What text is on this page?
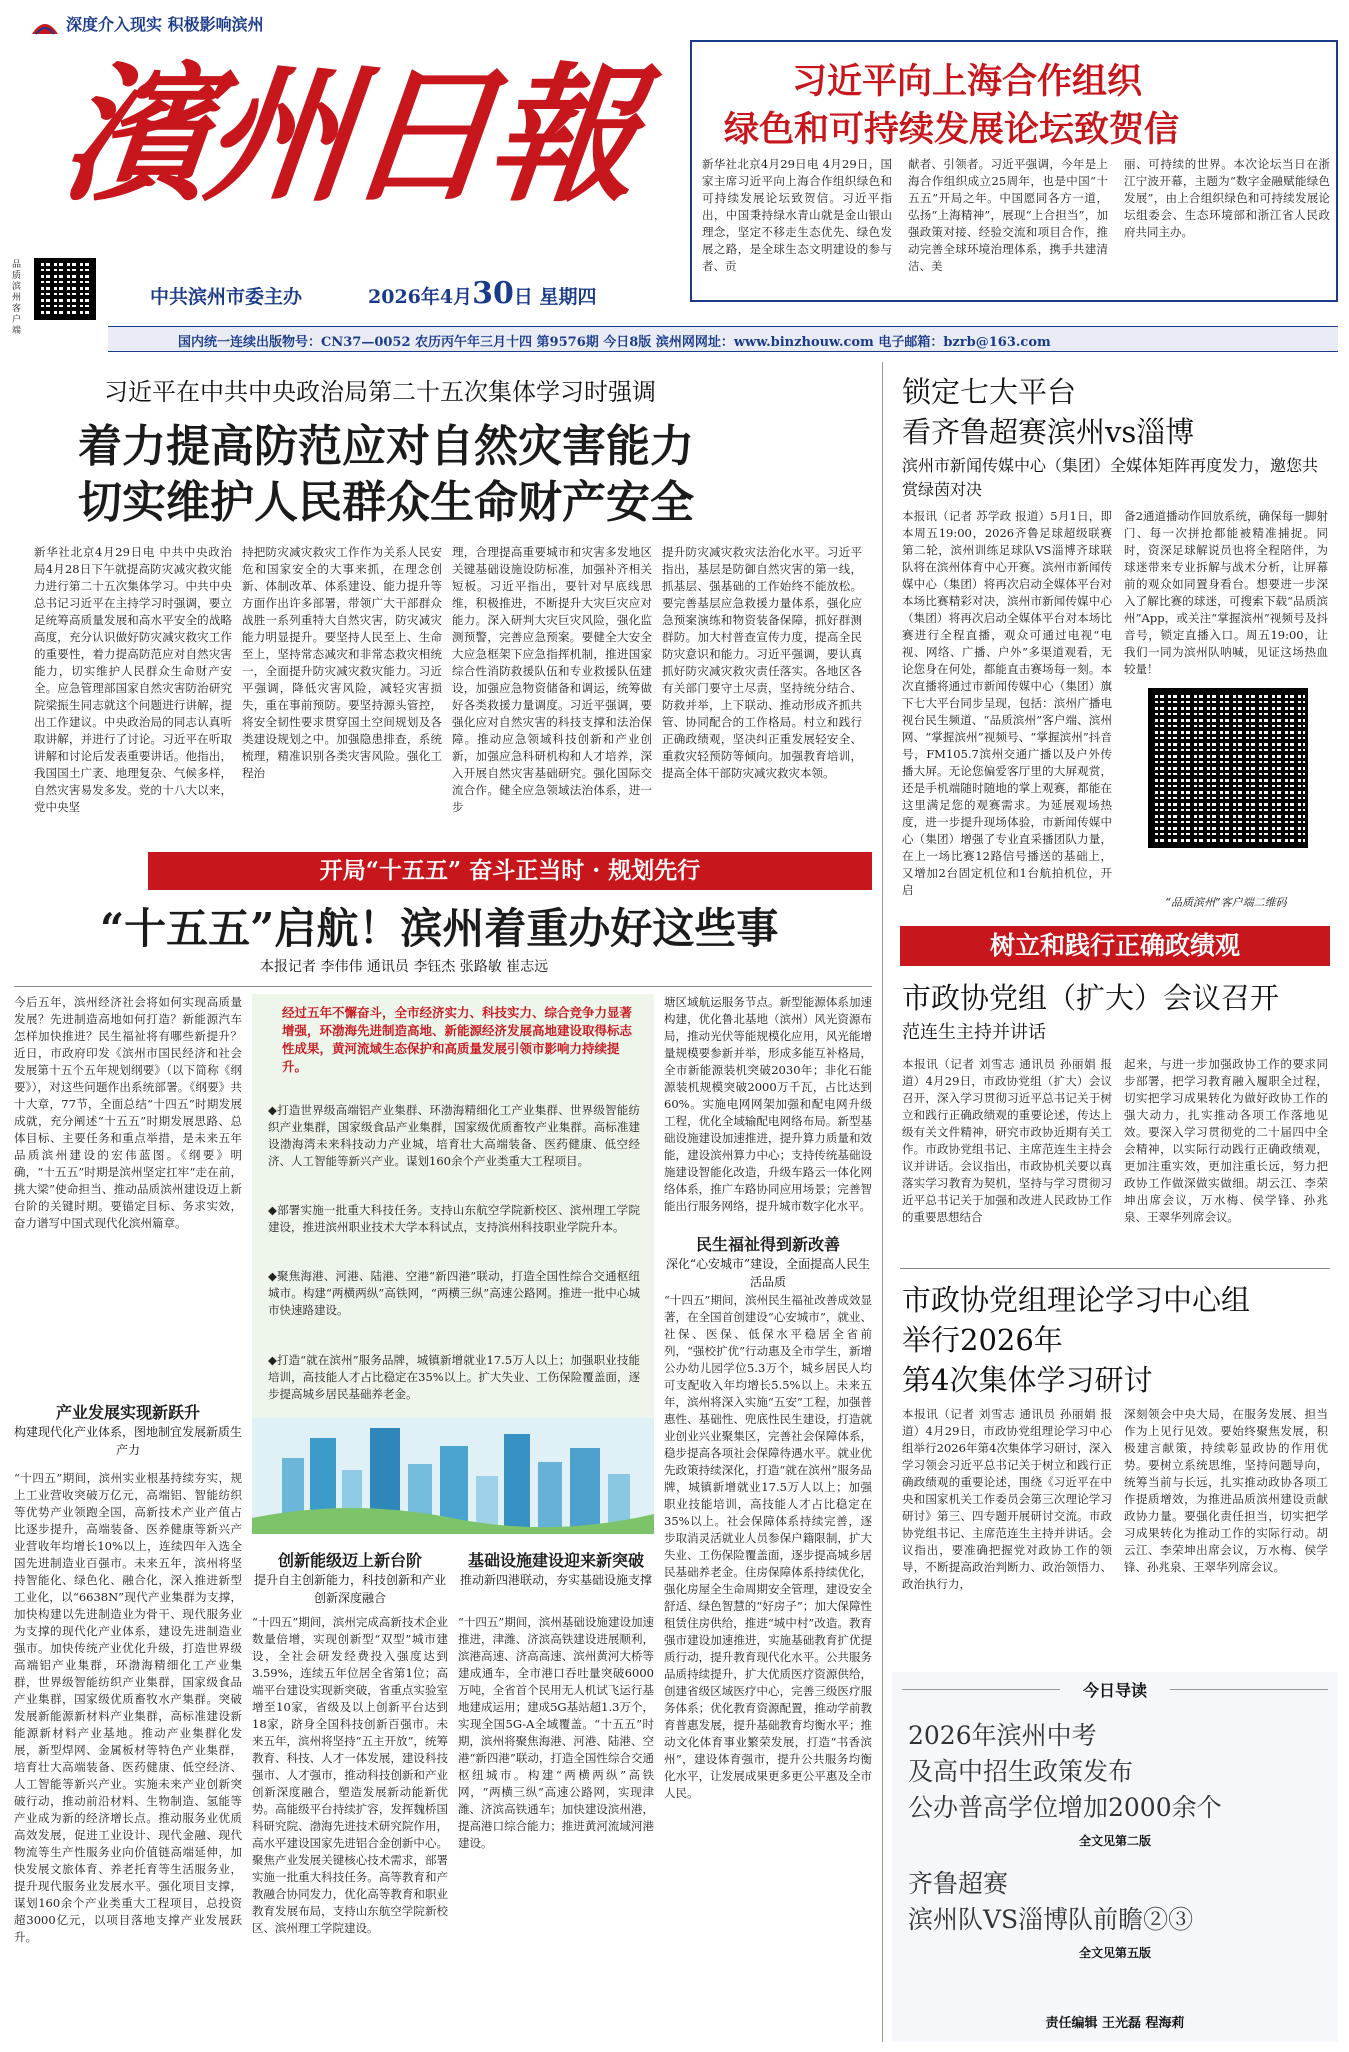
深度介入现实 积极影响滨州
濱州日報
品质滨州客户端
中共滨州市委主办	2026年4月30日 星期四
习近平向上海合作组织
绿色和可持续发展论坛致贺信
新华社北京4月29日电 4月29日，国家主席习近平向上海合作组织绿色和可持续发展论坛致贺信。习近平指出，中国秉持绿水青山就是金山银山理念，坚定不移走生态优先、绿色发展之路，是全球生态文明建设的参与者、贡
献者、引领者。习近平强调，今年是上海合作组织成立25周年，也是中国“十五五”开局之年。中国愿同各方一道，弘扬“上海精神”，展现“上合担当”，加强政策对接、经验交流和项目合作，推动完善全球环境治理体系，携手共建清洁、美
丽、可持续的世界。本次论坛当日在浙江宁波开幕，主题为“数字金融赋能绿色发展”，由上合组织绿色和可持续发展论坛组委会、生态环境部和浙江省人民政府共同主办。
国内统一连续出版物号：CN37—0052 农历丙午年三月十四 第9576期 今日8版 滨州网网址：www.binzhouw.com 电子邮箱：bzrb@163.com
习近平在中共中央政治局第二十五次集体学习时强调
着力提高防范应对自然灾害能力
切实维护人民群众生命财产安全
新华社北京4月29日电 中共中央政治局4月28日下午就提高防灾减灾救灾能力进行第二十五次集体学习。中共中央总书记习近平在主持学习时强调，要立足统筹高质量发展和高水平安全的战略高度，充分认识做好防灾减灾救灾工作的重要性，着力提高防范应对自然灾害能力，切实维护人民群众生命财产安全。应急管理部国家自然灾害防治研究院梁振生同志就这个问题进行讲解，提出工作建议。中央政治局的同志认真听取讲解，并进行了讨论。习近平在听取讲解和讨论后发表重要讲话。他指出，我国国土广袤、地理复杂、气候多样，自然灾害易发多发。党的十八大以来，党中央坚
持把防灾减灾救灾工作作为关系人民安危和国家安全的大事来抓，在理念创新、体制改革、体系建设、能力提升等方面作出许多部署，带领广大干部群众战胜一系列重特大自然灾害，防灾减灾能力明显提升。要坚持人民至上、生命至上，坚持常态减灾和非常态救灾相统一，全面提升防灾减灾救灾能力。习近平强调，降低灾害风险，减轻灾害损失，重在事前预防。要坚持源头管控，将安全韧性要求贯穿国土空间规划及各类建设规划之中。加强隐患排查，系统梳理，精准识别各类灾害风险。强化工程治
理，合理提高重要城市和灾害多发地区关键基础设施设防标准，加强补齐相关短板。习近平指出，要针对早底线思维，积极推进，不断提升大灾巨灾应对能力。深入研判大灾巨灾风险，强化监测预警，完善应急预案。要健全大安全大应急框架下应急指挥机制，推进国家综合性消防救援队伍和专业救援队伍建设，加强应急物资储备和调运，统筹做好各类救援力量调度。习近平强调，要强化应对自然灾害的科技支撑和法治保障。推动应急领域科技创新和产业创新，加强应急科研机构和人才培养，深入开展自然灾害基础研究。强化国际交流合作。健全应急领域法治体系，进一步
提升防灾减灾救灾法治化水平。习近平指出，基层是防御自然灾害的第一线，抓基层、强基础的工作始终不能放松。要完善基层应急救援力量体系，强化应急预案演练和物资装备保障，抓好群测群防。加大村普查宣传力度，提高全民防灾意识和能力。习近平强调，要认真抓好防灾减灾救灾责任落实。各地区各有关部门要守土尽责，坚持统分结合、防救并举，上下联动、推动形成齐抓共管、协同配合的工作格局。村立和践行正确政绩观，坚决纠正重发展轻安全、重救灾轻预防等倾向。加强教育培训，提高全体干部防灾减灾救灾本领。
开局“十五五” 奋斗正当时 · 规划先行
“十五五”启航！滨州着重办好这些事
本报记者 李伟伟 通讯员 李钰杰 张路敏 崔志远
今后五年，滨州经济社会将如何实现高质量发展？先进制造高地如何打造？新能源汽车怎样加快推进？民生福祉将有哪些新提升？近日，市政府印发《滨州市国民经济和社会发展第十五个五年规划纲要》（以下简称《纲要》），对这些问题作出系统部署。《纲要》共十大章，77节，全面总结“十四五”时期发展成就，充分阐述“十五五”时期发展思路、总体目标、主要任务和重点举措，是未来五年品质滨州建设的宏伟蓝图。《纲要》明确，“十五五”时期是滨州坚定扛牢“走在前，挑大梁”使命担当、推动品质滨州建设迈上新台阶的关键时期。要锚定目标、务求实效，奋力谱写中国式现代化滨州篇章。
经过五年不懈奋斗，全市经济实力、科技实力、综合竞争力显著增强，环渤海先进制造高地、新能源经济发展高地建设取得标志性成果，黄河流域生态保护和高质量发展引领市影响力持续提升。
◆打造世界级高端铝产业集群、环渤海精细化工产业集群、世界级智能纺织产业集群，国家级食品产业集群，国家级优质畜牧产业集群。高标准建设渤海湾未来科技动力产业城，培育壮大高端装备、医药健康、低空经济、人工智能等新兴产业。谋划160余个产业类重大工程项目。
◆部署实施一批重大科技任务。支持山东航空学院新校区、滨州理工学院建设，推进滨州职业技术大学本科试点，支持滨州科技职业学院升本。
◆聚焦海港、河港、陆港、空港“新四港”联动，打造全国性综合交通枢纽城市。构建“两横两纵”高铁网，“两横三纵”高速公路网。推进一批中心城市快速路建设。
◆打造“就在滨州”服务品牌，城镇新增就业17.5万人以上；加强职业技能培训，高技能人才占比稳定在35%以上。扩大失业、工伤保险覆盖面，逐步提高城乡居民基础养老金。
塘区域航运服务节点。新型能源体系加速构建，优化鲁北基地（滨州）风光资源布局，推动光伏等能规模化应用，风光能增量规模要参新并举，形成多能互补格局，全市新能源装机突破2030年；非化石能源装机规模突破2000万千瓦，占比达到60%。实施电网网架加强和配电网升级工程，优化全域输配电网络布局。新型基础设施建设加速推进，提升算力质量和效能，建设滨州算力中心；支持传统基础设施建设智能化改造，升级车路云一体化网络体系，推广车路协同应用场景；完善智能出行服务网络，提升城市数字化水平。
民生福祉得到新改善
深化“心安城市”建设，全面提高人民生活品质
“十四五”期间，滨州民生福祉改善成效显著，在全国首创建设“心安城市”，就业、社保、医保、低保水平稳居全省前列，“强校扩优”行动惠及全市学生，新增公办幼儿园学位5.3万个，城乡居民人均可支配收入年均增长5.5%以上。未来五年，滨州将深入实施“五安”工程，加强普惠性、基础性、兜底性民生建设，打造就业创业兴业聚集区，完善社会保障体系，稳步提高各项社会保障待遇水平。就业优先政策持续深化，打造“就在滨州”服务品牌，城镇新增就业17.5万人以上；加强职业技能培训，高技能人才占比稳定在35%以上。社会保障体系持续完善，逐步取消灵活就业人员参保户籍限制，扩大失业、工伤保险覆盖面，逐步提高城乡居民基础养老金。住房保障体系持续优化，强化房屋全生命周期安全管理，建设安全舒适、绿色智慧的“好房子”；加大保障性租赁住房供给，推进“城中村”改造。教育强市建设加速推进，实施基础教育扩优提质行动，提升教育现代化水平。公共服务品质持续提升，扩大优质医疗资源供给，创建省级区域医疗中心，完善三级医疗服务体系；优化教育资源配置，推动学前教育普惠发展，提升基础教育均衡水平；推动文化体育事业繁荣发展，打造“书香滨州”，建设体育强市，提升公共服务均衡化水平，让发展成果更多更公平惠及全市人民。
产业发展实现新跃升
构建现代化产业体系，图地制宜发展新质生产力
“十四五”期间，滨州实业根基持续夯实，规上工业营收突破万亿元，高端铝、智能纺织等优势产业领跑全国，高新技术产业产值占比逐步提升，高端装备、医养健康等新兴产业营收年均增长10%以上，连续四年入选全国先进制造业百强市。未来五年，滨州将坚持智能化、绿色化、融合化，深入推进新型工业化，以“6638N”现代产业集群为支撑，加快构建以先进制造业为骨干、现代服务业为支撑的现代化产业体系，建设先进制造业强市。加快传统产业优化升级，打造世界级高端铝产业集群，环渤海精细化工产业集群，世界级智能纺织产业集群，国家级食品产业集群，国家级优质畜牧水产集群。突破发展新能源新材料产业集群，高标准建设新能源新材料产业基地。推动产业集群化发展，新型焊网、金属板材等特色产业集群，培育壮大高端装备、医药健康、低空经济、人工智能等新兴产业。实施未来产业创新突破行动，推动前沿材料、生物制造、氢能等产业成为新的经济增长点。推动服务业优质高效发展，促进工业设计、现代金融、现代物流等生产性服务业向价值链高端延伸，加快发展文旅体育、养老托育等生活服务业，提升现代服务业发展水平。强化项目支撑，谋划160余个产业类重大工程项目，总投资超3000亿元，以项目落地支撑产业发展跃升。
创新能级迈上新台阶
提升自主创新能力，科技创新和产业创新深度融合
“十四五”期间，滨州完成高新技术企业数量倍增，实现创新型“双型”城市建设，全社会研发经费投入强度达到3.59%，连续五年位居全省第1位；高端平台建设实现新突破，省重点实验室增至10家，省级及以上创新平台达到18家，跻身全国科技创新百强市。未来五年，滨州将坚持“五主开放”，统筹教育、科技、人才一体发展，建设科技强市、人才强市，推动科技创新和产业创新深度融合，塑造发展新动能新优势。高能级平台持续扩容，发挥魏桥国科研究院、渤海先进技术研究院作用，高水平建设国家先进铝合金创新中心。聚焦产业发展关键核心技术需求，部署实施一批重大科技任务。高等教育和产教融合协同发力，优化高等教育和职业教育发展布局，支持山东航空学院新校区、滨州理工学院建设。
基础设施建设迎来新突破
推动新四港联动，夯实基础设施支撑
“十四五”期间，滨州基础设施建设加速推进，津潍、济滨高铁建设进展顺利，滨港高速、济高高速、滨州黄河大桥等建成通车，全市港口吞吐量突破6000万吨，全省首个民用无人机试飞运行基地建成运用；建成5G基站超1.3万个，实现全国5G-A全域覆盖。“十五五”时期，滨州将聚焦海港、河港、陆港、空港“新四港”联动，打造全国性综合交通枢纽城市。构建“两横两纵”高铁网，“两横三纵”高速公路网，实现津潍、济滨高铁通车；加快建设滨州港，提高港口综合能力；推进黄河流域河港建设。
锁定七大平台
看齐鲁超赛滨州vs淄博
滨州市新闻传媒中心（集团）全媒体矩阵再度发力，邀您共赏绿茵对决
本报讯（记者 苏学政 报道）5月1日，即本周五19:00，2026齐鲁足球超级联赛第二轮，滨州训练足球队VS淄博齐球联队将在滨州体育中心开赛。滨州市新闻传媒中心（集团）将再次启动全媒体平台对本场比赛精彩对决，滨州市新闻传媒中心（集团）将再次启动全媒体平台对本场比赛进行全程直播，观众可通过电视“电视、网络、广播、户外”多渠道观看，无论您身在何处，都能直击赛场每一刻。本次直播将通过市新闻传媒中心（集团）旗下七大平台同步呈现，包括：滨州广播电视台民生频道、“品质滨州”客户端、滨州网、“掌握滨州”视频号、“掌握滨州”抖音号，FM105.7滨州交通广播以及户外传播大屏。无论您偏爱客厅里的大屏观赏，还是手机端随时随地的掌上观赛，都能在这里满足您的观赛需求。为延展观场热度，进一步提升现场体验，市新闻传媒中心（集团）增强了专业直采播团队力量，在上一场比赛12路信号播送的基础上，又增加2台固定机位和1台航拍机位，开启
备2通道播动作回放系统，确保每一脚射门、每一次拼抢都能被精准捕捉。同时，资深足球解说员也将全程陪伴，为球迷带来专业拆解与战术分析，让屏幕前的观众如同置身看台。想要进一步深入了解比赛的球迷，可搜索下载“品质滨州”App，或关注“掌握滨州”视频号及抖音号，锁定直播入口。周五19:00，让我们一同为滨州队呐喊，见证这场热血较量！
“品质滨州”客户端二维码
树立和践行正确政绩观
市政协党组（扩大）会议召开
范连生主持并讲话
本报讯（记者 刘雪志 通讯员 孙丽娟 报道）4月29日，市政协党组（扩大）会议召开，深入学习贯彻习近平总书记关于树立和践行正确政绩观的重要论述，传达上级有关文件精神，研究市政协近期有关工作。市政协党组书记、主席范连生主持会议并讲话。会议指出，市政协机关要以真落实学习教育为契机，坚持与学习贯彻习近平总书记关于加强和改进人民政协工作的重要思想结合
起来，与进一步加强政协工作的要求同步部署，把学习教育融入履职全过程，切实把学习成果转化为做好政协工作的强大动力，扎实推动各项工作落地见效。要深入学习贯彻党的二十届四中全会精神，以实际行动践行正确政绩观，更加注重实效，更加注重长远，努力把政协工作做深做实做细。胡云江、李荣坤出席会议，万水梅、侯学锋、孙兆泉、王翠华列席会议。
市政协党组理论学习中心组
举行2026年
第4次集体学习研讨
本报讯（记者 刘雪志 通讯员 孙丽娟 报道）4月29日，市政协党组理论学习中心组举行2026年第4次集体学习研讨，深入学习领会习近平总书记关于树立和践行正确政绩观的重要论述，围绕《习近平在中央和国家机关工作委员会第三次理论学习研讨》第三、四专题开展研讨交流。市政协党组书记、主席范连生主持并讲话。会议指出，要准确把握党对政协工作的领导，不断提高政治判断力、政治领悟力、政治执行力，
深刻领会中央大局，在服务发展、担当作为上见行见效。要始终聚焦发展，积极建言献策，持续彰显政协的作用优势。要树立系统思维，坚持问题导向，统筹当前与长远，扎实推动政协各项工作提质增效，为推进品质滨州建设贡献政协力量。要强化责任担当，切实把学习成果转化为推动工作的实际行动。胡云江、李荣坤出席会议，万水梅、侯学锋、孙兆泉、王翠华列席会议。
今日导读
2026年滨州中考
及高中招生政策发布
公办普高学位增加2000余个
全文见第二版
齐鲁超赛
滨州队VS淄博队前瞻②③
全文见第五版
责任编辑 王光磊 程海莉
